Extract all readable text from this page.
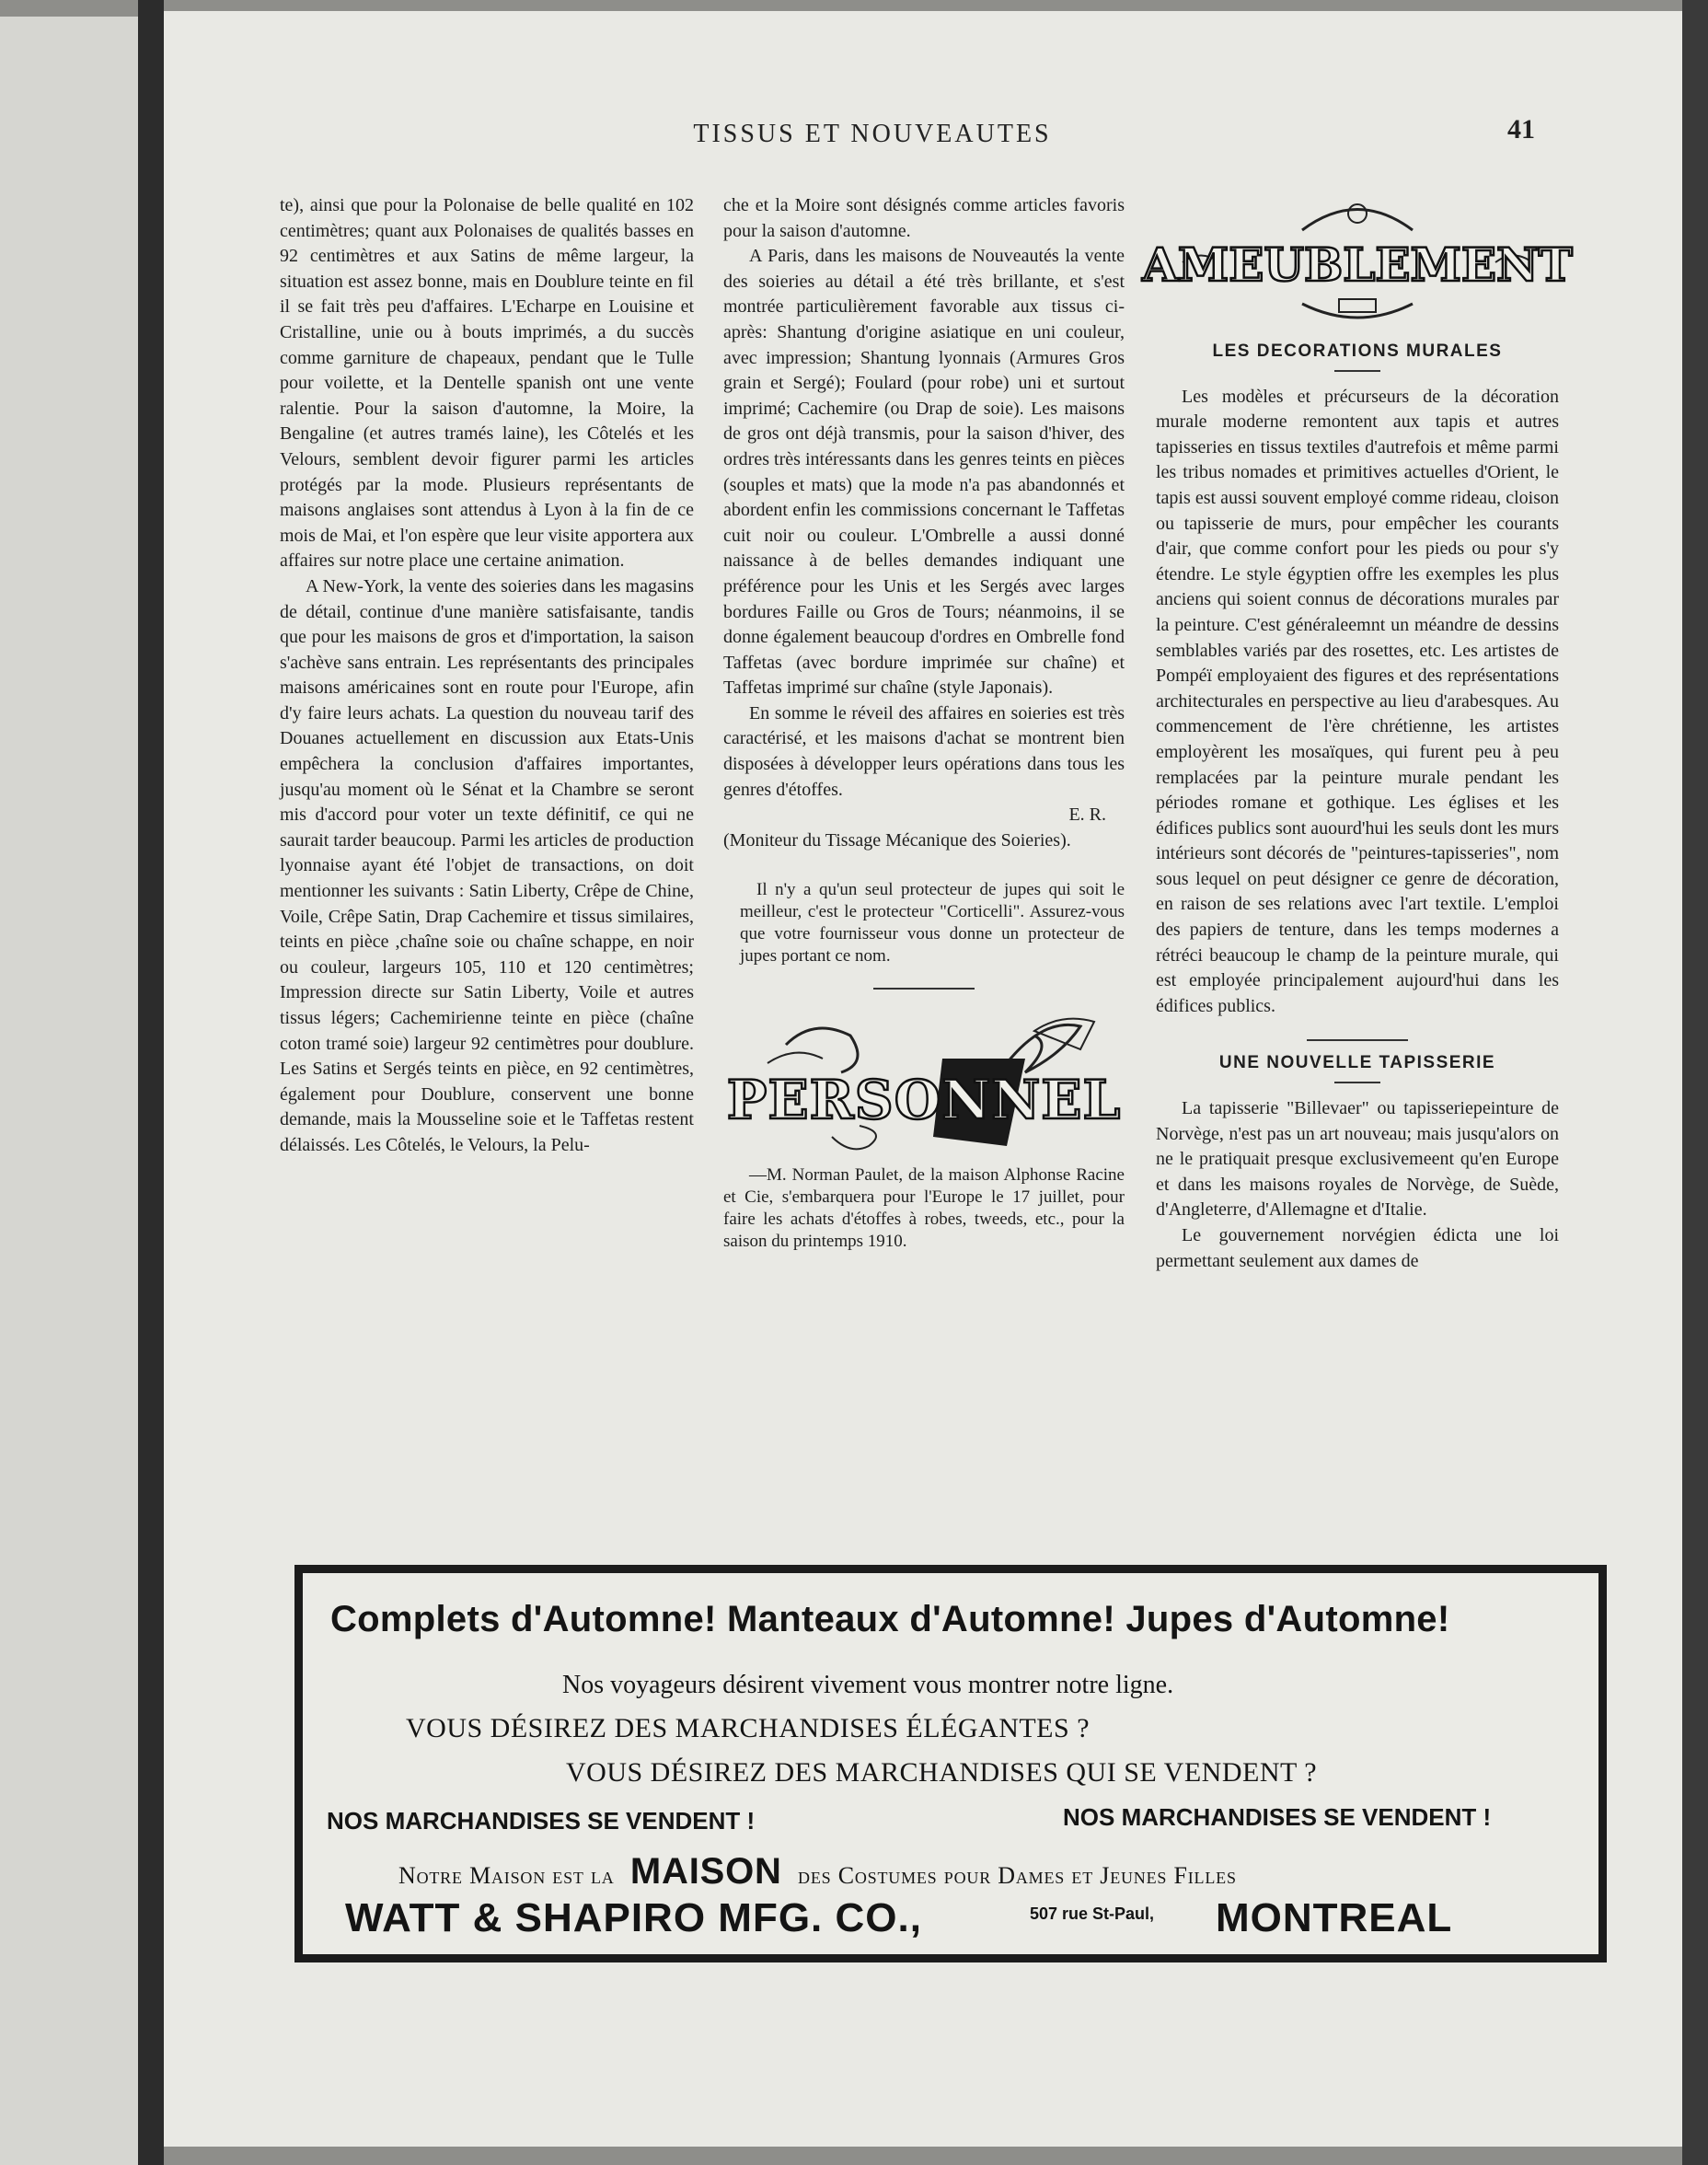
TISSUS ET NOUVEAUTES	41

te), ainsi que pour la Polonaise de belle qualité en 102 centimètres; quant aux Polonaises de qualités basses en 92 centimètres et aux Satins de même largeur, la situation est assez bonne, mais en Doublure teinte en fil il se fait très peu d'affaires. L'Echarpe en Louisine et Cristalline, unie ou à bouts imprimés, a du succès comme garniture de chapeaux, pendant que le Tulle pour voilette, et la Dentelle spanish ont une vente ralentie. Pour la saison d'automne, la Moire, la Bengaline (et autres tramés laine), les Côtelés et les Velours, semblent devoir figurer parmi les articles protégés par la mode. Plusieurs représentants de maisons anglaises sont attendus à Lyon à la fin de ce mois de Mai, et l'on espère que leur visite apportera aux affaires sur notre place une certaine animation.

A New-York, la vente des soieries dans les magasins de détail, continue d'une manière satisfaisante, tandis que pour les maisons de gros et d'importation, la saison s'achève sans entrain. Les représentants des principales maisons américaines sont en route pour l'Europe, afin d'y faire leurs achats. La question du nouveau tarif des Douanes actuellement en discussion aux Etats-Unis empêchera la conclusion d'affaires importantes, jusqu'au moment où le Sénat et la Chambre se seront mis d'accord pour voter un texte définitif, ce qui ne saurait tarder beaucoup. Parmi les articles de production lyonnaise ayant été l'objet de transactions, on doit mentionner les suivants : Satin Liberty, Crêpe de Chine, Voile, Crêpe Satin, Drap Cachemire et tissus similaires, teints en pièce ,chaîne soie ou chaîne schappe, en noir ou couleur, largeurs 105, 110 et 120 centimètres; Impression directe sur Satin Liberty, Voile et autres tissus légers; Cachemirienne teinte en pièce (chaîne coton tramé soie) largeur 92 centimètres pour doublure. Les Satins et Sergés teints en pièce, en 92 centimètres, également pour Doublure, conservent une bonne demande, mais la Mousseline soie et le Taffetas restent délaissés. Les Côtelés, le Velours, la Pelu-

che et la Moire sont désignés comme articles favoris pour la saison d'automne.

A Paris, dans les maisons de Nouveautés la vente des soieries au détail a été très brillante, et s'est montrée particulièrement favorable aux tissus ci-après: Shantung d'origine asiatique en uni couleur, avec impression; Shantung lyonnais (Armures Gros grain et Sergé); Foulard (pour robe) uni et surtout imprimé; Cachemire (ou Drap de soie). Les maisons de gros ont déjà transmis, pour la saison d'hiver, des ordres très intéressants dans les genres teints en pièces (souples et mats) que la mode n'a pas abandonnés et abordent enfin les commissions concernant le Taffetas cuit noir ou couleur. L'Ombrelle a aussi donné naissance à de belles demandes indiquant une préférence pour les Unis et les Sergés avec larges bordures Faille ou Gros de Tours; néanmoins, il se donne également beaucoup d'ordres en Ombrelle fond Taffetas (avec bordure imprimée sur chaîne) et Taffetas imprimé sur chaîne (style Japonais).

En somme le réveil des affaires en soieries est très caractérisé, et les maisons d'achat se montrent bien disposées à développer leurs opérations dans tous les genres d'étoffes.

E. R.

(Moniteur du Tissage Mécanique des Soieries).

Il n'y a qu'un seul protecteur de jupes qui soit le meilleur, c'est le protecteur "Corticelli". Assurez-vous que votre fournisseur vous donne un protecteur de jupes portant ce nom.

PERSONNEL

—M. Norman Paulet, de la maison Alphonse Racine et Cie, s'embarquera pour l'Europe le 17 juillet, pour faire les achats d'étoffes à robes, tweeds, etc., pour la saison du printemps 1910.

AMEUBLEMENT
LES DECORATIONS MURALES

Les modèles et précurseurs de la décoration murale moderne remontent aux tapis et autres tapisseries en tissus textiles d'autrefois et même parmi les tribus nomades et primitives actuelles d'Orient, le tapis est aussi souvent employé comme rideau, cloison ou tapisserie de murs, pour empêcher les courants d'air, que comme confort pour les pieds ou pour s'y étendre. Le style égyptien offre les exemples les plus anciens qui soient connus de décorations murales par la peinture. C'est généraleemnt un méandre de dessins semblables variés par des rosettes, etc. Les artistes de Pompéï employaient des figures et des représentations architecturales en perspective au lieu d'arabesques. Au commencement de l'ère chrétienne, les artistes employèrent les mosaïques, qui furent peu à peu remplacées par la peinture murale pendant les périodes romane et gothique. Les églises et les édifices publics sont auourd'hui les seuls dont les murs intérieurs sont décorés de "peintures-tapisseries", nom sous lequel on peut désigner ce genre de décoration, en raison de ses relations avec l'art textile. L'emploi des papiers de tenture, dans les temps modernes a rétréci beaucoup le champ de la peinture murale, qui est employée principalement aujourd'hui dans les édifices publics.

UNE NOUVELLE TAPISSERIE

La tapisserie "Billevaer" ou tapisseriepeinture de Norvège, n'est pas un art nouveau; mais jusqu'alors on ne le pratiquait presque exclusivemeent qu'en Europe et dans les maisons royales de Norvège, de Suède, d'Angleterre, d'Allemagne et d'Italie.

Le gouvernement norvégien édicta une loi permettant seulement aux dames de

Complets d'Automne! Manteaux d'Automne! Jupes d'Automne!
Nos voyageurs désirent vivement vous montrer notre ligne.
VOUS DÉSIREZ DES MARCHANDISES ÉLÉGANTES ?
VOUS DÉSIREZ DES MARCHANDISES QUI SE VENDENT ?
NOS MARCHANDISES SE VENDENT !	NOS MARCHANDISES SE VENDENT !
Notre Maison est la MAISON des Costumes pour Dames et Jeunes Filles
WATT & SHAPIRO MFG. CO.,	507 rue St-Paul, MONTREAL
